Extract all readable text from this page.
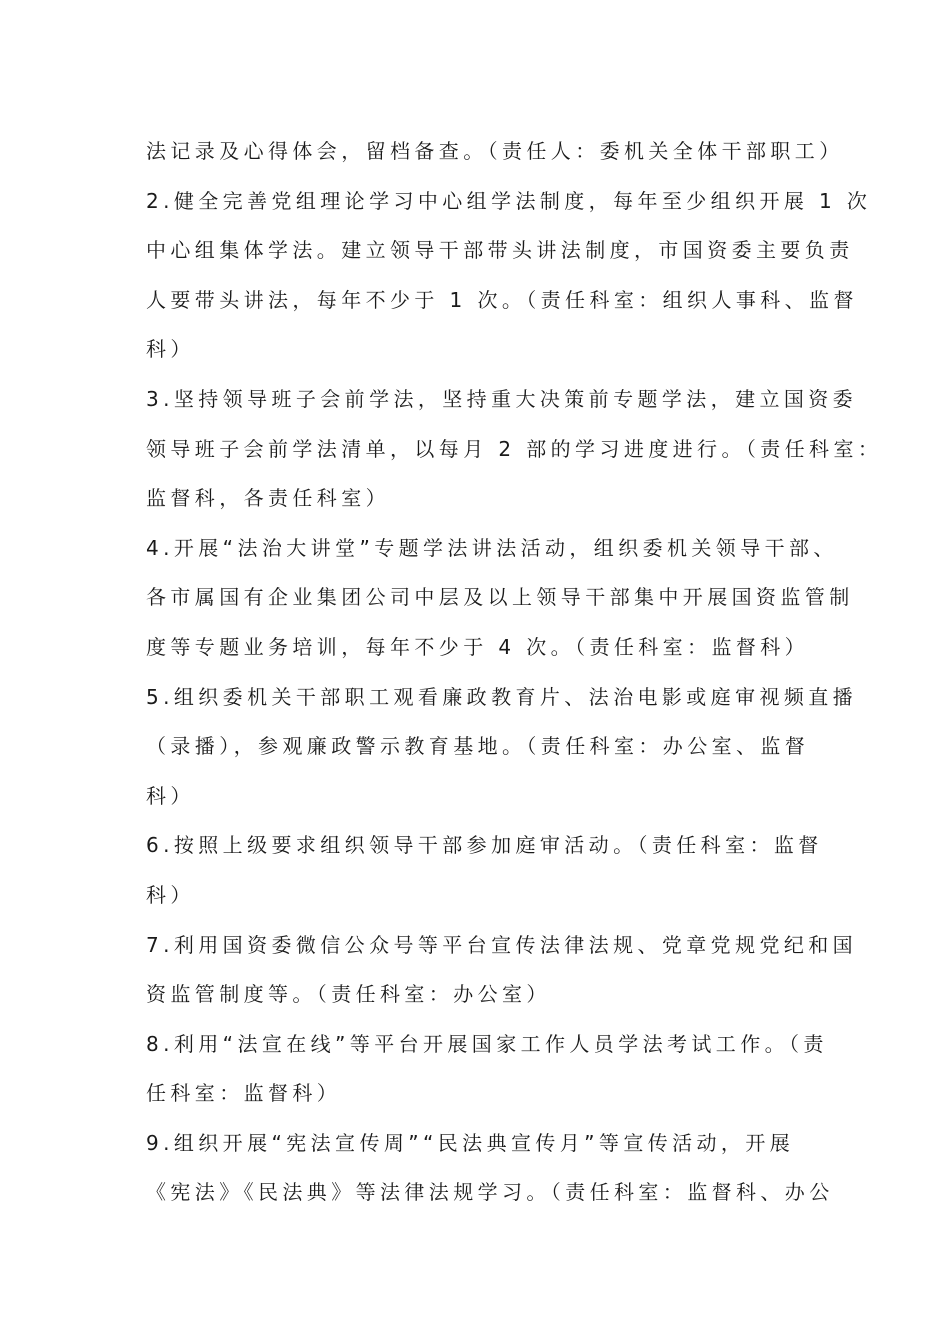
法记录及心得体会，留档备查。（责任人：委机关全体干部职工）
2.健全完善党组理论学习中心组学法制度，每年至少组织开展 1 次
中心组集体学法。建立领导干部带头讲法制度，市国资委主要负责
人要带头讲法，每年不少于 1 次。（责任科室：组织人事科、监督
科）
3.坚持领导班子会前学法，坚持重大决策前专题学法，建立国资委
领导班子会前学法清单，以每月 2 部的学习进度进行。（责任科室：
监督科，各责任科室）
4.开展“法治大讲堂”专题学法讲法活动，组织委机关领导干部、
各市属国有企业集团公司中层及以上领导干部集中开展国资监管制
度等专题业务培训，每年不少于 4 次。（责任科室：监督科）
5.组织委机关干部职工观看廉政教育片、法治电影或庭审视频直播
（录播），参观廉政警示教育基地。（责任科室：办公室、监督
科）
6.按照上级要求组织领导干部参加庭审活动。（责任科室：监督
科）
7.利用国资委微信公众号等平台宣传法律法规、党章党规党纪和国
资监管制度等。（责任科室：办公室）
8.利用“法宣在线”等平台开展国家工作人员学法考试工作。（责
任科室：监督科）
9.组织开展“宪法宣传周”“民法典宣传月”等宣传活动，开展
《宪法》《民法典》等法律法规学习。（责任科室：监督科、办公
